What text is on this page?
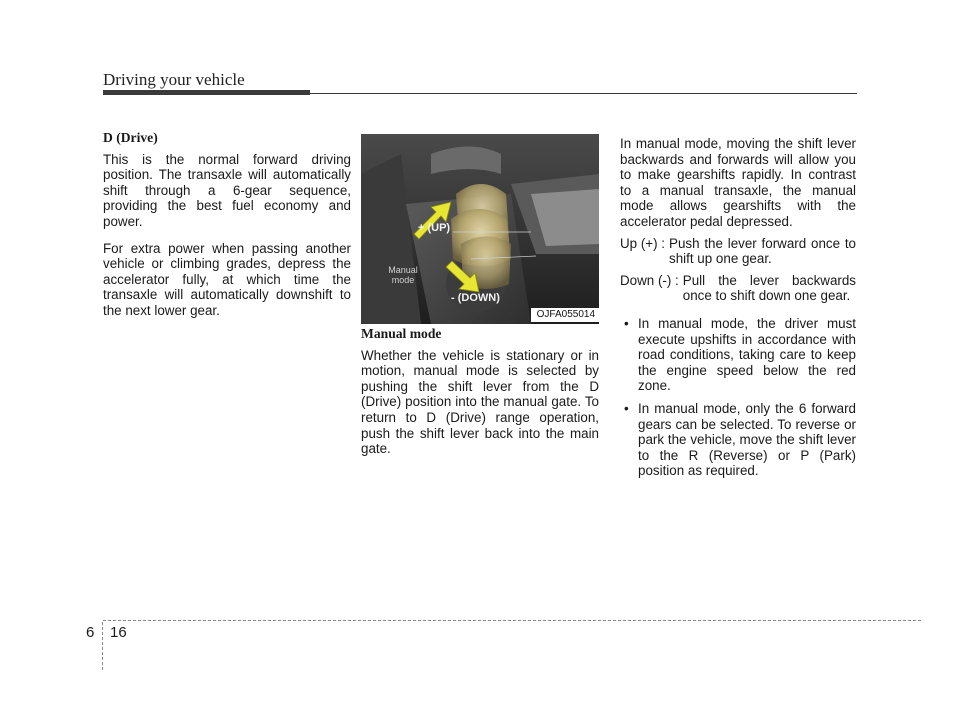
Driving your vehicle

D (Drive)

This is the normal forward driving position. The transaxle will automatically shift through a 6-gear sequence, providing the best fuel economy and power.

For extra power when passing another vehicle or climbing grades, depress the accelerator fully, at which time the transaxle will automatically downshift to the next lower gear.

+ (UP)
- (DOWN)
Manual
mode
OJFA055014

Manual mode

Whether the vehicle is stationary or in motion, manual mode is selected by pushing the shift lever from the D (Drive) position into the manual gate. To return to D (Drive) range operation, push the shift lever back into the main gate.

In manual mode, moving the shift lever backwards and forwards will allow you to make gearshifts rapidly. In contrast to a manual transaxle, the manual mode allows gearshifts with the accelerator pedal depressed.

Up (+) : Push the lever forward once to shift up one gear.
Down (-) : Pull the lever backwards once to shift down one gear.
• In manual mode, the driver must execute upshifts in accordance with road conditions, taking care to keep the engine speed below the red zone.
• In manual mode, only the 6 forward gears can be selected. To reverse or park the vehicle, move the shift lever to the R (Reverse) or P (Park) position as required.
6 16
